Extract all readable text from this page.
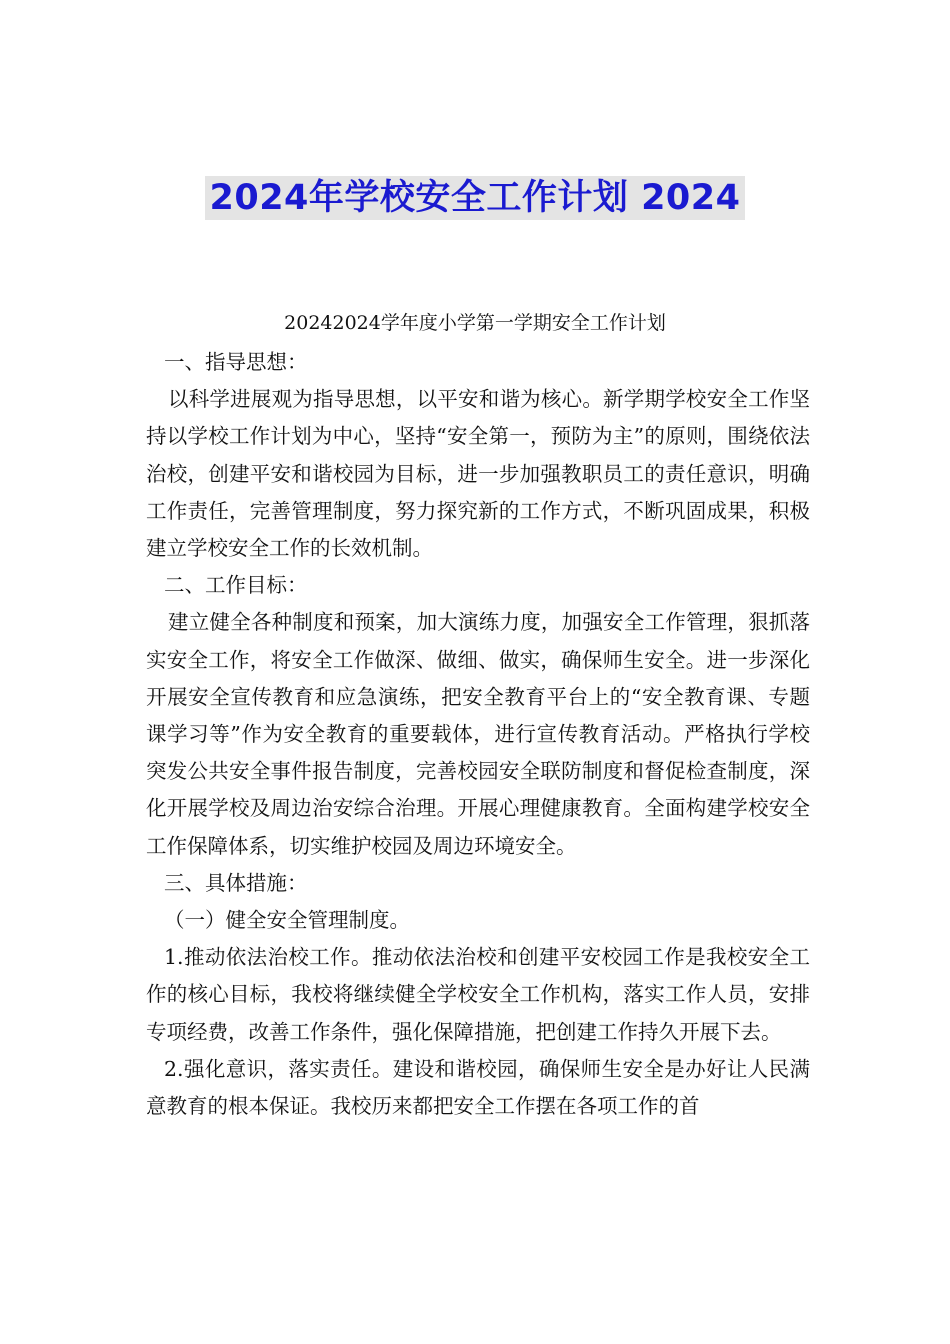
2024年学校安全工作计划 2024
20242024学年度小学第一学期安全工作计划

一、指导思想：

以科学进展观为指导思想，以平安和谐为核心。新学期学校安全工作坚持以学校工作计划为中心，坚持“安全第一，预防为主”的原则，围绕依法治校，创建平安和谐校园为目标，进一步加强教职员工的责任意识，明确工作责任，完善管理制度，努力探究新的工作方式，不断巩固成果，积极建立学校安全工作的长效机制。

二、工作目标：

建立健全各种制度和预案，加大演练力度，加强安全工作管理，狠抓落实安全工作，将安全工作做深、做细、做实，确保师生安全。进一步深化开展安全宣传教育和应急演练，把安全教育平台上的“安全教育课、专题课学习等”作为安全教育的重要载体，进行宣传教育活动。严格执行学校突发公共安全事件报告制度，完善校园安全联防制度和督促检查制度，深化开展学校及周边治安综合治理。开展心理健康教育。全面构建学校安全工作保障体系，切实维护校园及周边环境安全。

三、具体措施：

（一）健全安全管理制度。

1.推动依法治校工作。推动依法治校和创建平安校园工作是我校安全工作的核心目标，我校将继续健全学校安全工作机构，落实工作人员，安排专项经费，改善工作条件，强化保障措施，把创建工作持久开展下去。

2.强化意识，落实责任。建设和谐校园，确保师生安全是办好让人民满意教育的根本保证。我校历来都把安全工作摆在各项工作的首
